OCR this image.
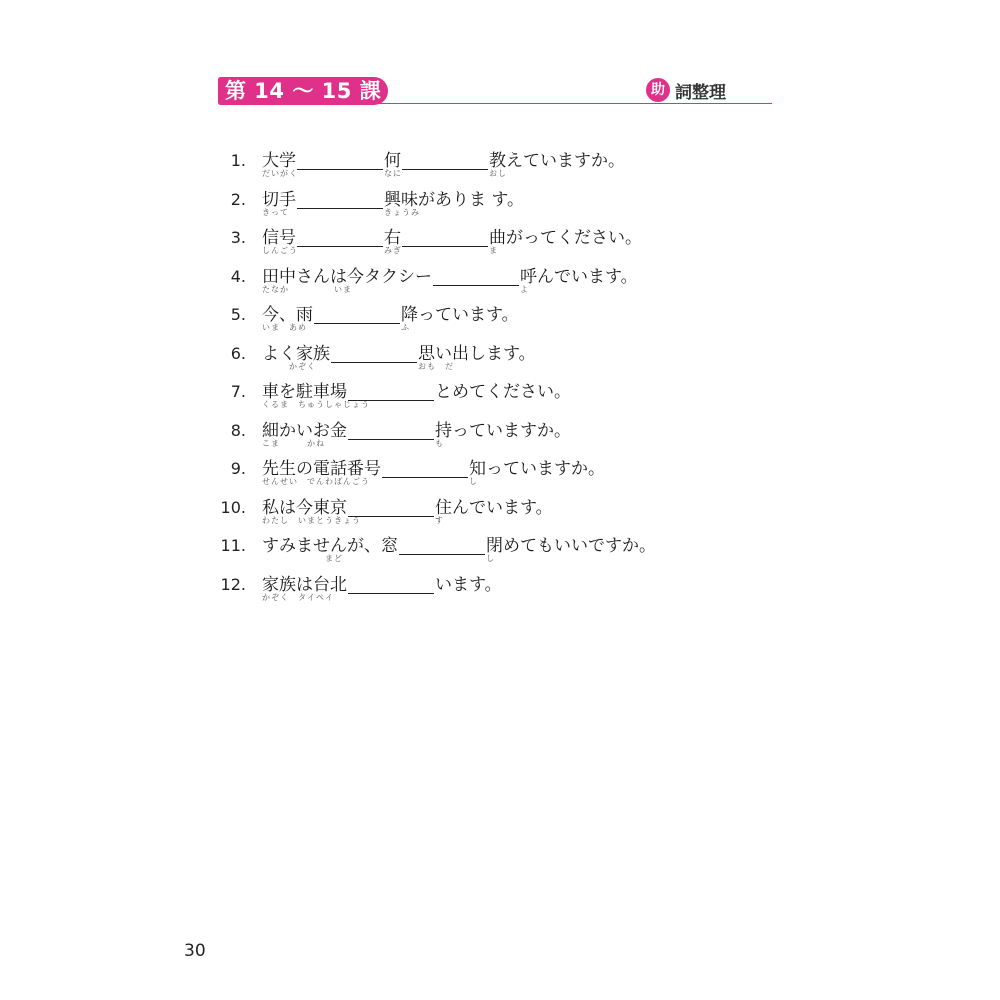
第 14 ～ 15 課	助 詞整理
1. 大学
だいがく
何
なに
教えていますか。
おし
2. 切手
きって
興味がありま す。
きょうみ
3. 信号
しんごう
右
みぎ
曲がってください。
ま
4. 田中さんは今タクシー
たなか　　　　　いま
呼んでいます。
よ
5. 今、雨
いま　あめ
降っています。
ふ
6. よく家族
　　　かぞく
思い出します。
おも　だ
7. 車を駐車場
くるま　ちゅうしゃじょう
とめてください。
8. 細かいお金
こま　　　かね
持っていますか。
も
9. 先生の電話番号
せんせい　でんわばんごう
知っていますか。
し
10. 私は今東京
わたし　いまとうきょう
住んでいます。
す
11. すみませんが、窓
　　　　　　　まど
閉めてもいいですか。
し
12. 家族は台北
かぞく　タイペイ
います。
30
